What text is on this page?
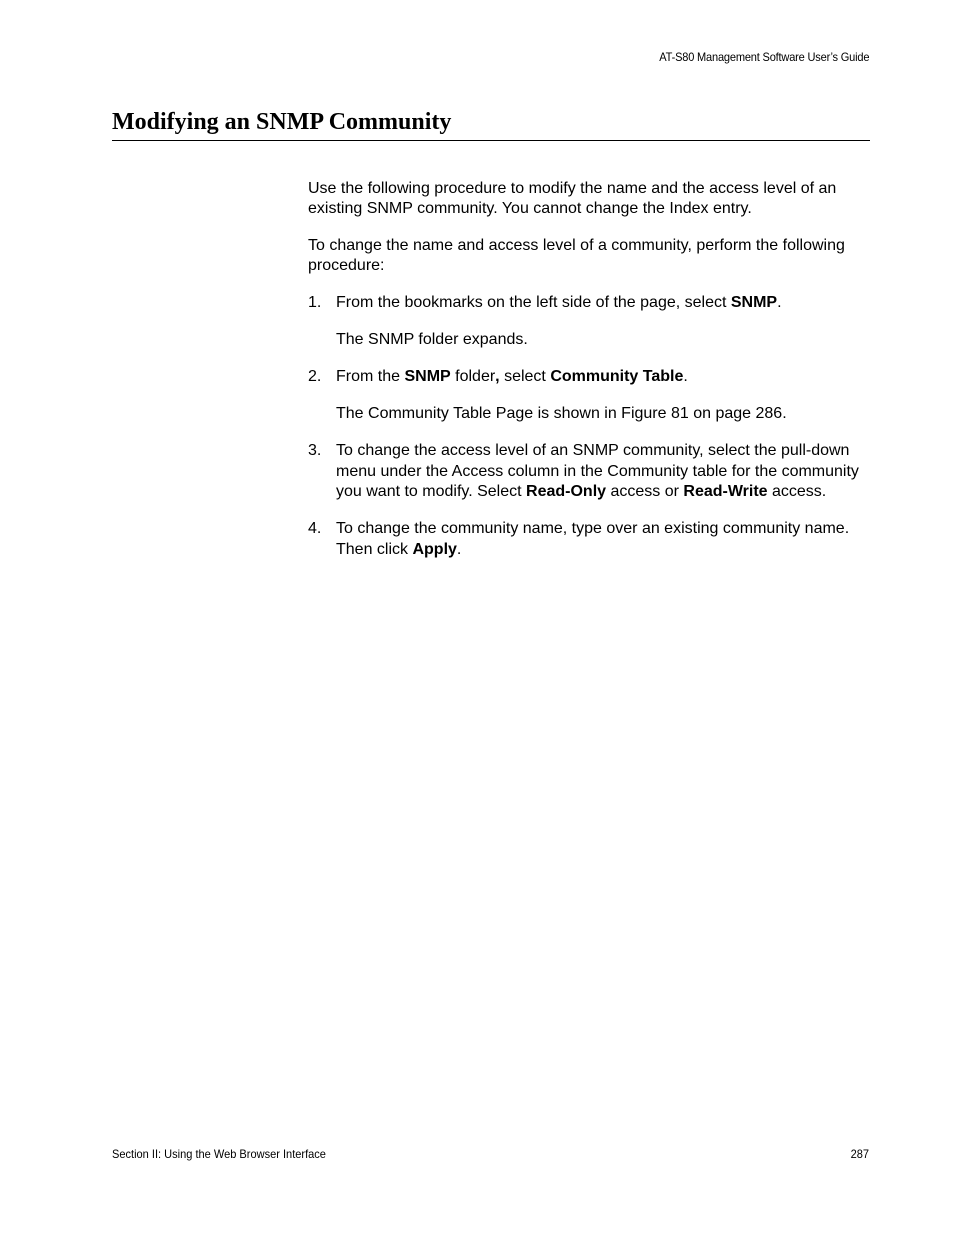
AT-S80 Management Software User’s Guide
Modifying an SNMP Community

Use the following procedure to modify the name and the access level of an existing SNMP community. You cannot change the Index entry.

To change the name and access level of a community, perform the following procedure:

1. From the bookmarks on the left side of the page, select SNMP.

The SNMP folder expands.

2. From the SNMP folder, select Community Table.

The Community Table Page is shown in Figure 81 on page 286.

3. To change the access level of an SNMP community, select the pull-down menu under the Access column in the Community table for the community you want to modify. Select Read-Only access or Read-Write access.

4. To change the community name, type over an existing community name. Then click Apply.

Section II: Using the Web Browser Interface	287
